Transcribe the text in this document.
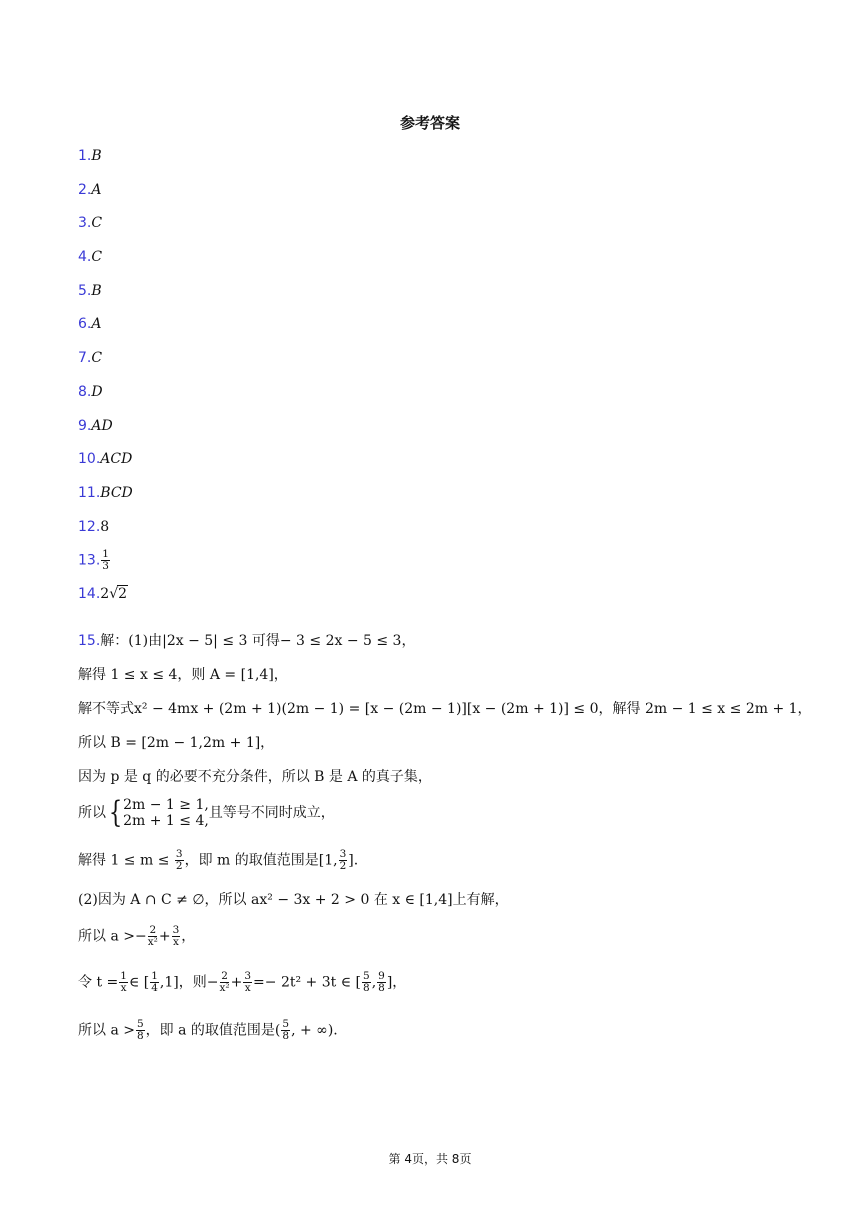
参考答案
1.B
2.A
3.C
4.C
5.B
6.A
7.C
8.D
9.AD
10.ACD
11.BCD
12.8
13. $\frac{1}{3}$
14.2√2
15.解：(1)由|2x − 5| ≤ 3 可得− 3 ≤ 2x − 5 ≤ 3，
解得 1 ≤ x ≤ 4，则 A = [1,4]，
解不等式x² − 4mx + (2m + 1)(2m − 1) = [x − (2m − 1)][x − (2m + 1)] ≤ 0，解得 2m − 1 ≤ x ≤ 2m + 1，
所以 B = [2m − 1,2m + 1]，
因为 p 是 q 的必要不充分条件，所以 B 是 A 的真子集，
所以 { 2m − 1 ≥ 1,
2m + 1 ≤ 4, 且等号不同时成立，
解得 $1 \le m \le \frac{3}{2}$ ，即 m 的取值范围是[1, $\frac{3}{2}$ ].
(2)因为 A ∩ C ≠ ∅，所以 ax² − 3x + 2 > 0 在 x ∈ [1,4]上有解，
所以 $a >- \frac{2}{\text{x²}} + \frac{3}{x}$ ，
令 $t = \frac{1}{x}$ ∈ [ $\frac{1}{4} ,1$]，则− $\frac{2}{\text{x²}} + \frac{3}{x} =- 2t^2 + 3t$ ∈ [ $\frac{5}{8}$ , $\frac{9}{8}$ ]，
所以 $a > \frac{5}{8}$ ，即 a 的取值范围是( $\frac{5}{8}$ , + ∞).
第 4页，共 8页
